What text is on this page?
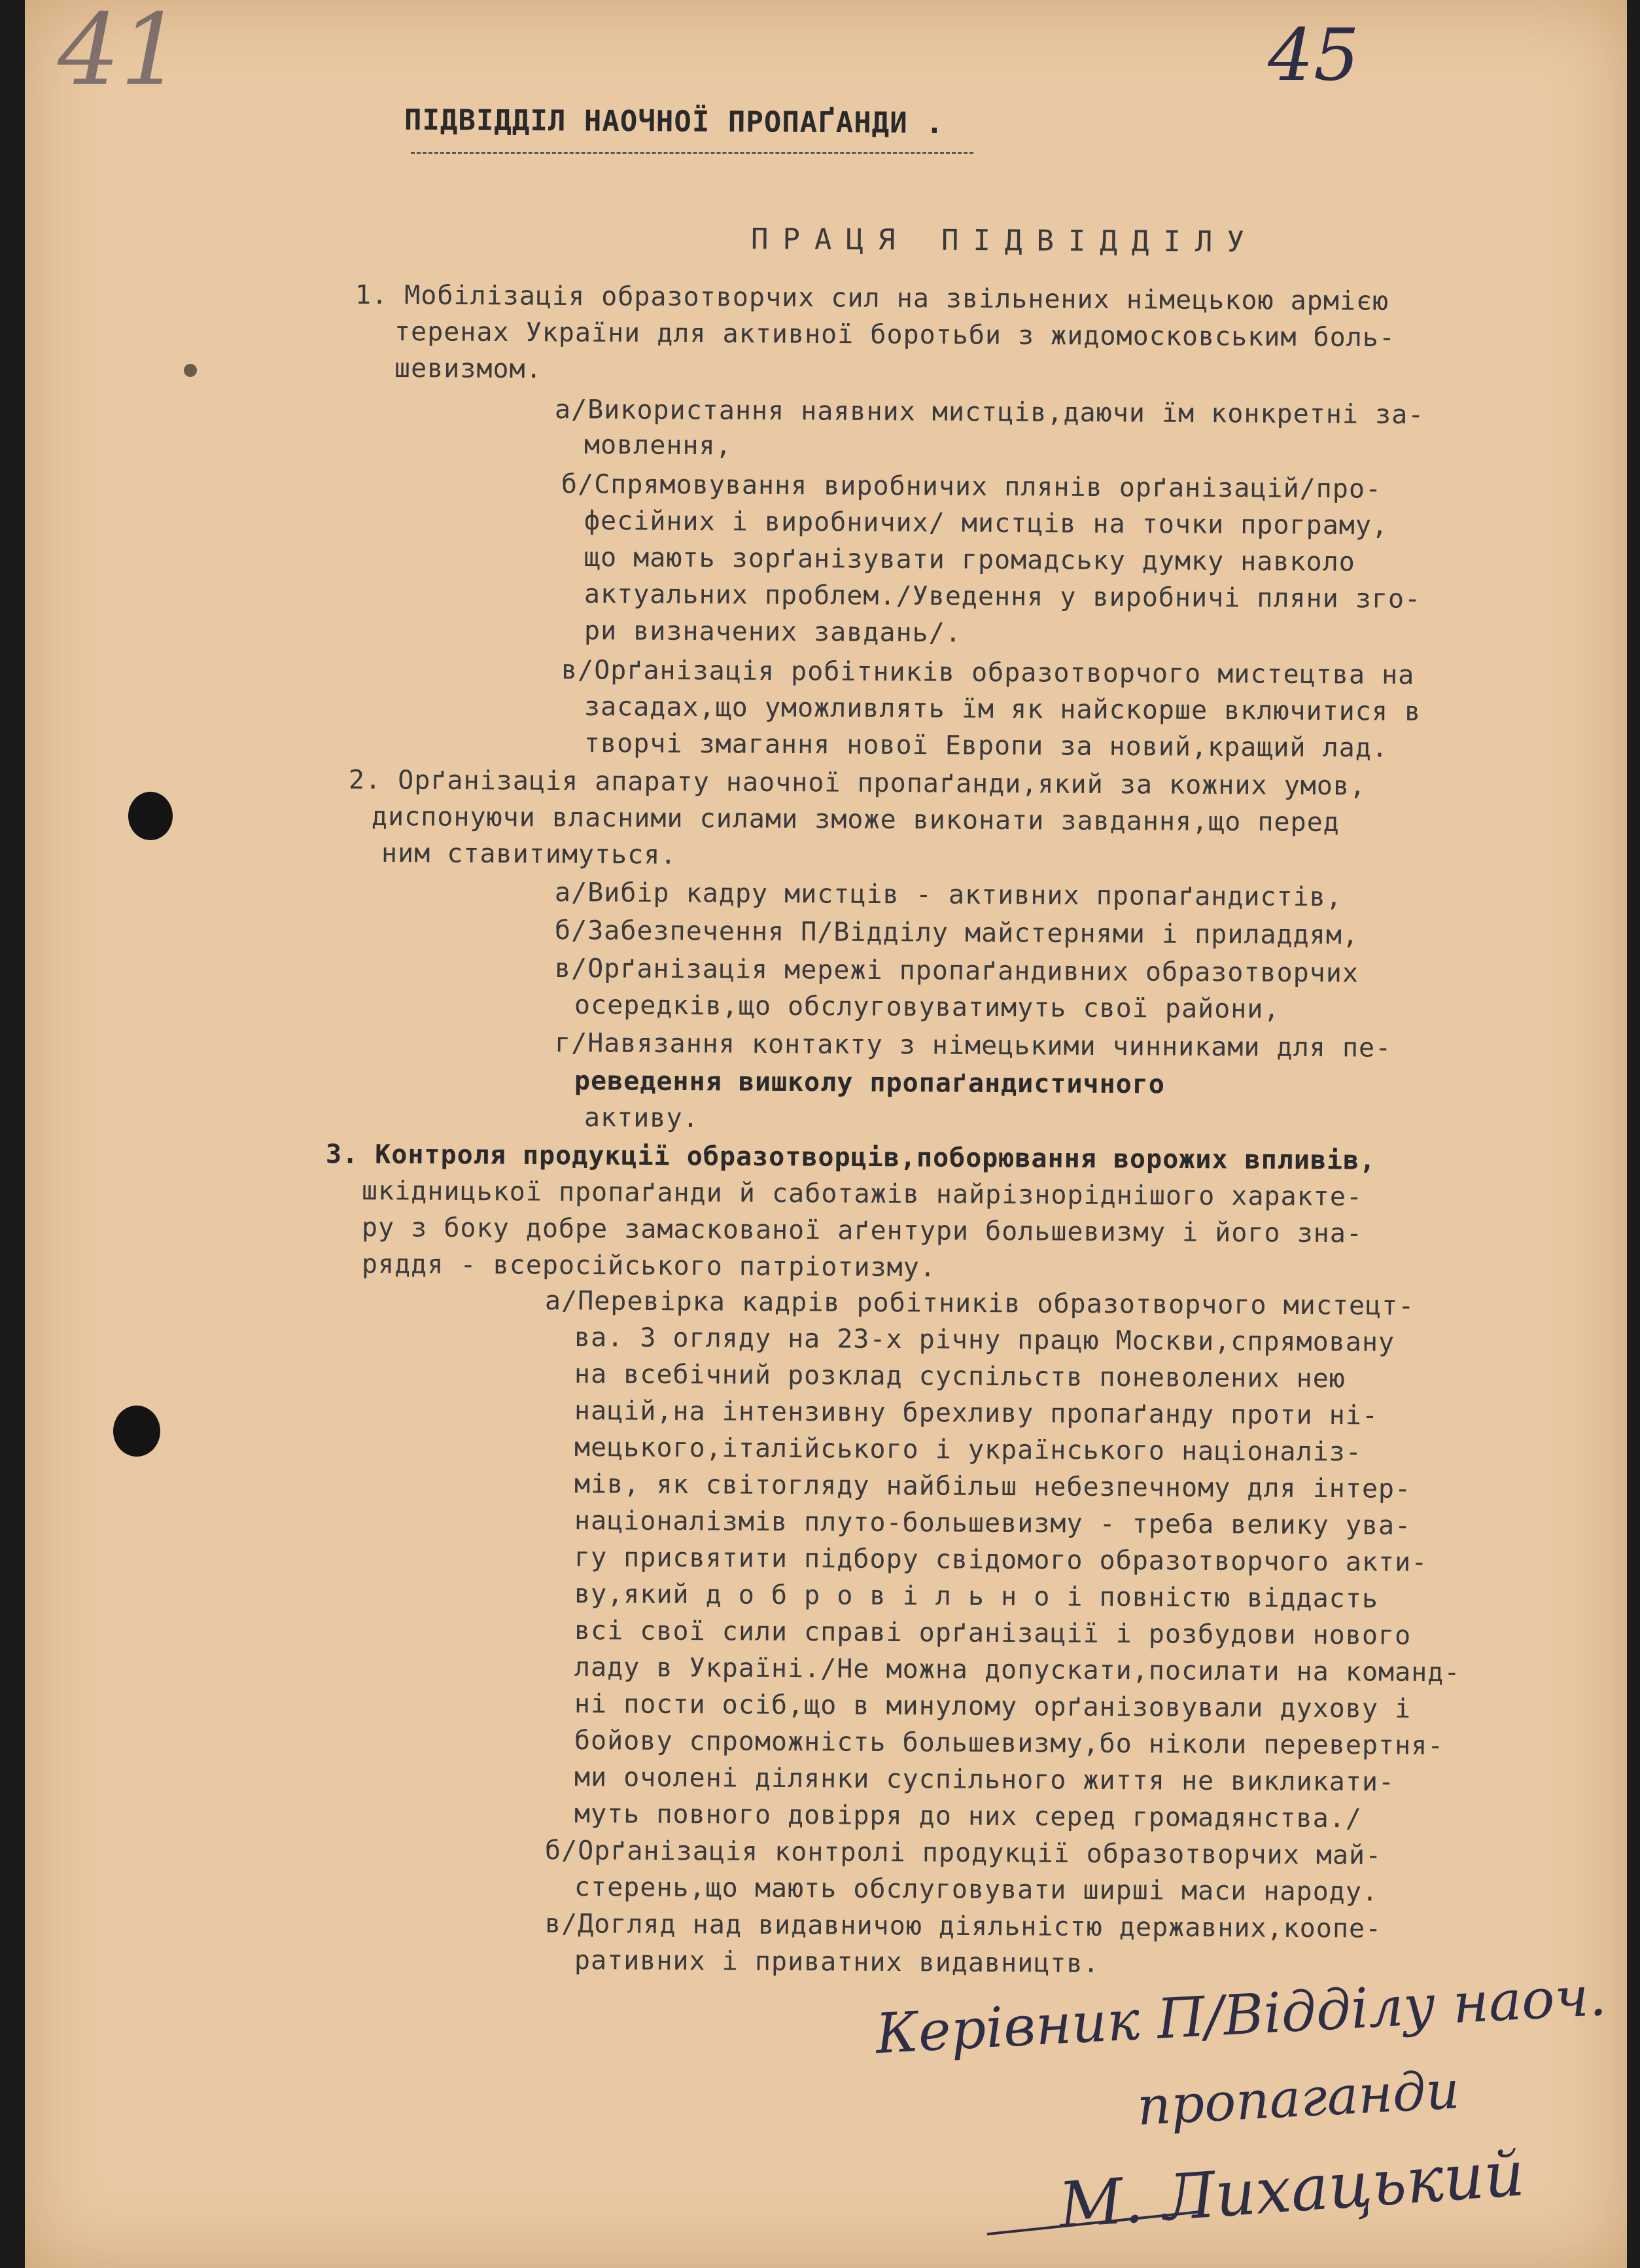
41	45
ПІДВІДДІЛ НАОЧНОЇ ПРОПАҐАНДИ .
ПРАЦЯ ПІДВІДДІЛУ
1. Мобілізація образотворчих сил на звільнених німецькою армією
теренах України для активної боротьби з жидомосковським боль-
шевизмом.
а/Використання наявних мистців,даючи їм конкретні за-
мовлення,
б/Спрямовування виробничих плянів орґанізацій/про-
фесійних і виробничих/ мистців на точки програму,
що мають зорґанізувати громадську думку навколо
актуальних проблем./Уведення у виробничі пляни зго-
ри визначених завдань/.
в/Орґанізація робітників образотворчого мистецтва на
засадах,що уможливлять їм як найскорше включитися в
творчі змагання нової Европи за новий,кращий лад.
2. Орґанізація апарату наочної пропаґанди,який за кожних умов,
диспонуючи власними силами зможе виконати завдання,що перед
ним ставитимуться.
а/Вибір кадру мистців - активних пропаґандистів,
б/Забезпечення П/Відділу майстернями і приладдям,
в/Орґанізація мережі пропаґандивних образотворчих
осередків,що обслуговуватимуть свої райони,
г/Навязання контакту з німецькими чинниками для пе-
реведення вишколу пропаґандистичного
активу.
3. Контроля продукції образотворців,поборювання ворожих впливів,
шкідницької пропаґанди й саботажів найрізноріднішого характе-
ру з боку добре замаскованої аґентури большевизму і його зна-
ряддя - всеросійського патріотизму.
а/Перевірка кадрів робітників образотворчого мистецт-
ва. З огляду на 23-х річну працю Москви,спрямовану
на всебічний розклад суспільств поневолених нею
націй,на інтензивну брехливу пропаґанду проти ні-
мецького,італійського і українського націоналіз-
мів, як світогляду найбільш небезпечному для інтер-
націоналізмів плуто-большевизму - треба велику ува-
гу присвятити підбору свідомого образотворчого акти-
ву,який д о б р о в і л ь н о і повністю віддасть
всі свої сили справі орґанізації і розбудови нового
ладу в Україні./Не можна допускати,посилати на команд-
ні пости осіб,що в минулому орґанізовували духову і
бойову спроможність большевизму,бо ніколи перевертня-
ми очолені ділянки суспільного життя не викликати-
муть повного довірря до них серед громадянства./
б/Орґанізація контролі продукції образотворчих май-
стерень,що мають обслуговувати ширші маси народу.
в/Догляд над видавничою діяльністю державних,коопе-
ративних і приватних видавництв.
Керівник П/Відділу наоч.
пропаганди
М. Лихацький
